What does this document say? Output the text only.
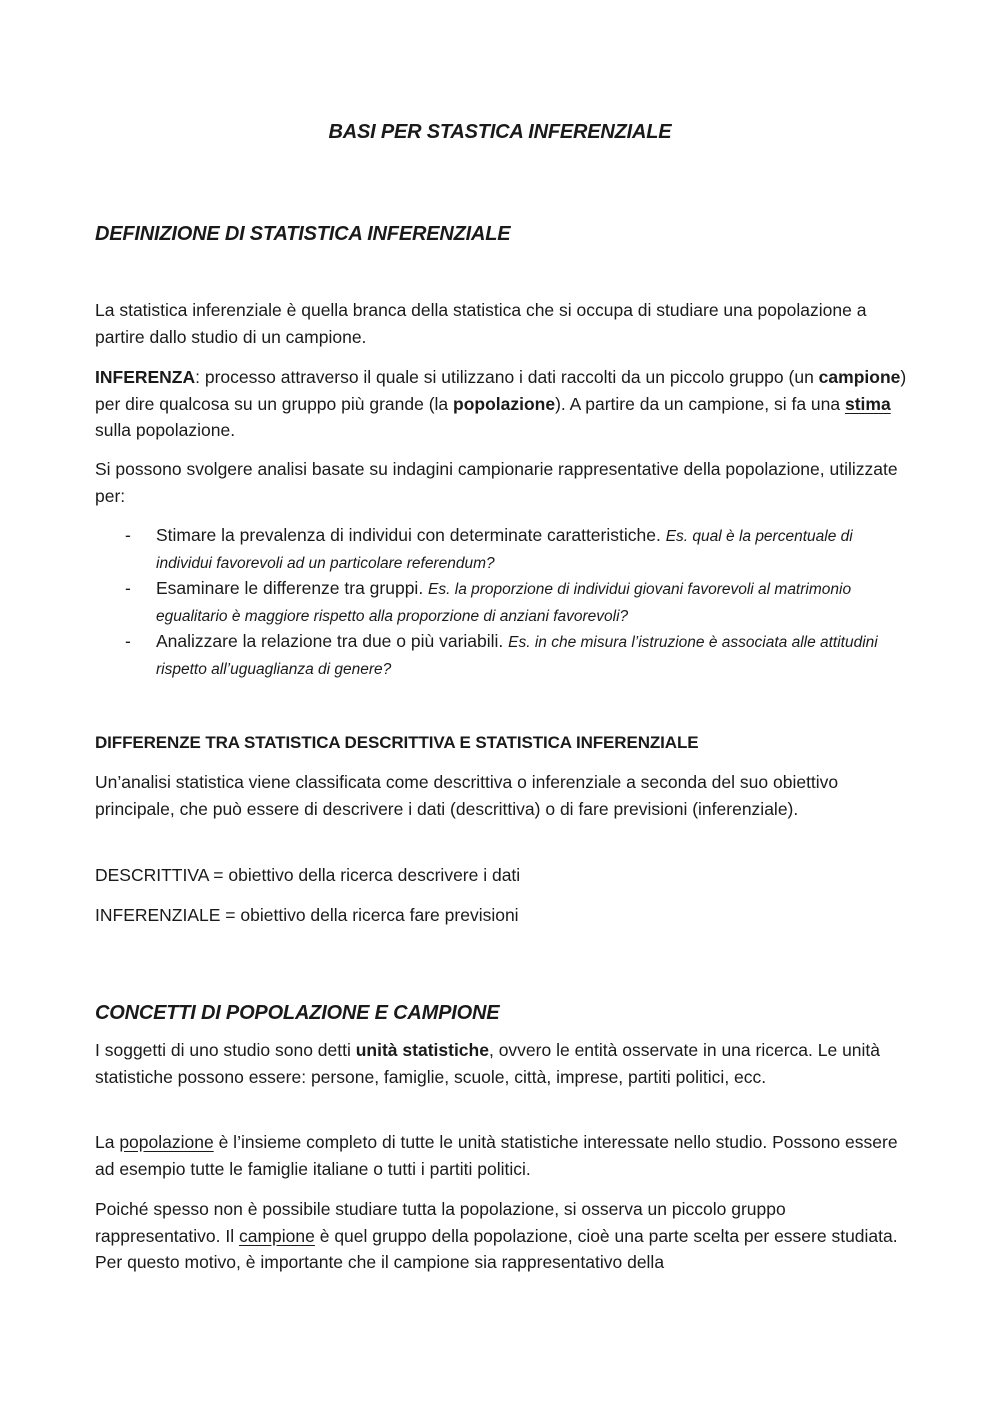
BASI PER STASTICA INFERENZIALE
DEFINIZIONE DI STATISTICA INFERENZIALE

La statistica inferenziale è quella branca della statistica che si occupa di studiare una popolazione a partire dallo studio di un campione.

INFERENZA: processo attraverso il quale si utilizzano i dati raccolti da un piccolo gruppo (un campione) per dire qualcosa su un gruppo più grande (la popolazione). A partire da un campione, si fa una stima sulla popolazione.

Si possono svolgere analisi basate su indagini campionarie rappresentative della popolazione, utilizzate per:

- Stimare la prevalenza di individui con determinate caratteristiche. Es. qual è la percentuale di individui favorevoli ad un particolare referendum?
- Esaminare le differenze tra gruppi. Es. la proporzione di individui giovani favorevoli al matrimonio egualitario è maggiore rispetto alla proporzione di anziani favorevoli?
- Analizzare la relazione tra due o più variabili. Es. in che misura l’istruzione è associata alle attitudini rispetto all’uguaglianza di genere?
DIFFERENZE TRA STATISTICA DESCRITTIVA E STATISTICA INFERENZIALE

Un’analisi statistica viene classificata come descrittiva o inferenziale a seconda del suo obiettivo principale, che può essere di descrivere i dati (descrittiva) o di fare previsioni (inferenziale).

DESCRITTIVA = obiettivo della ricerca descrivere i dati

INFERENZIALE = obiettivo della ricerca fare previsioni

CONCETTI DI POPOLAZIONE E CAMPIONE

I soggetti di uno studio sono detti unità statistiche, ovvero le entità osservate in una ricerca. Le unità statistiche possono essere: persone, famiglie, scuole, città, imprese, partiti politici, ecc.

La popolazione è l’insieme completo di tutte le unità statistiche interessate nello studio. Possono essere ad esempio tutte le famiglie italiane o tutti i partiti politici.

Poiché spesso non è possibile studiare tutta la popolazione, si osserva un piccolo gruppo rappresentativo. Il campione è quel gruppo della popolazione, cioè una parte scelta per essere studiata. Per questo motivo, è importante che il campione sia rappresentativo della
